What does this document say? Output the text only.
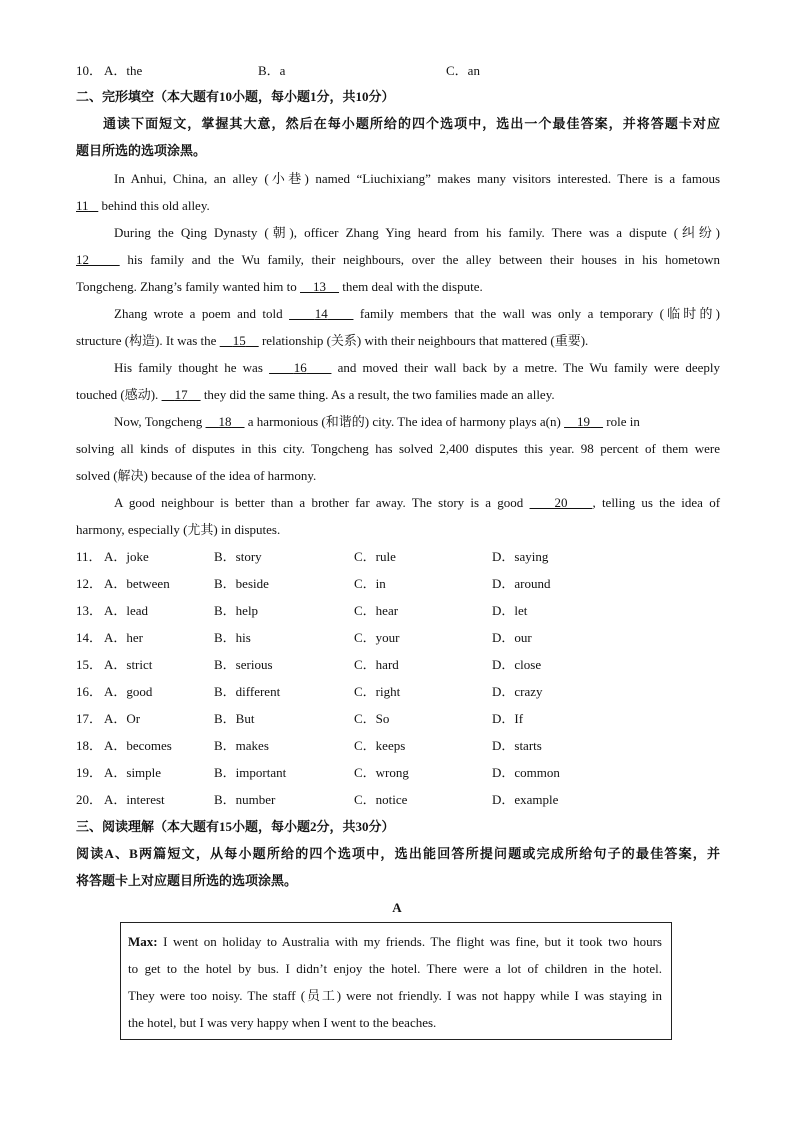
10． A．the	B．a	C．an
二、完形填空（本大题有10小题，每小题1分，共10分）
通读下面短文，掌握其大意，然后在每小题所给的四个选项中，选出一个最佳答案，并将答题卡对应
题目所选的选项涂黑。
In Anhui, China, an alley (小巷) named “Liuchixiang” makes many visitors interested. There is a famous
11    behind this old alley.
During the Qing Dynasty (朝), officer Zhang Ying heard from his family. There was a dispute (纠纷)
12     his family and the Wu family, their neighbours, over the alley between their houses in his hometown
Tongcheng. Zhang’s family wanted him to     13     them deal with the dispute.
Zhang wrote a poem and told     14     family members that the wall was only a temporary (临时的)
structure (构造). It was the     15     relationship (关系) with their neighbours that mattered (重要).
His family thought he was     16     and moved their wall back by a metre. The Wu family were deeply
touched (感动).     17     they did the same thing. As a result, the two families made an alley.
Now, Tongcheng     18     a harmonious (和谐的) city. The idea of harmony plays a(n)     19     role in
solving all kinds of disputes in this city. Tongcheng has solved 2,400 disputes this year. 98 percent of them were
solved (解决) because of the idea of harmony.
A good neighbour is better than a brother far away. The story is a good     20 , telling us the idea of
harmony, especially (尤其) in disputes.
11． A．joke	B．story	C．rule	D．saying
12． A．between	B．beside	C．in	D．around
13． A．lead	B．help	C．hear	D．let
14． A．her	B．his	C．your	D．our
15． A．strict	B．serious	C．hard	D．close
16． A．good	B．different	C．right	D．crazy
17． A．Or	B．But	C．So	D．If
18． A．becomes	B．makes	C．keeps	D．starts
19． A．simple	B．important	C．wrong	D．common
20． A．interest	B．number	C．notice	D．example
三、阅读理解（本大题有15小题，每小题2分，共30分）
阅读A、B两篇短文，从每小题所给的四个选项中，选出能回答所提问题或完成所给句子的最佳答案，并
将答题卡上对应题目所选的选项涂黑。
A
Max: I went on holiday to Australia with my friends. The flight was fine, but it took two hours
to get to the hotel by bus. I didn’t enjoy the hotel. There were a lot of children in the hotel.
They were too noisy. The staff (员工) were not friendly. I was not happy while I was staying in
the hotel, but I was very happy when I went to the beaches.
